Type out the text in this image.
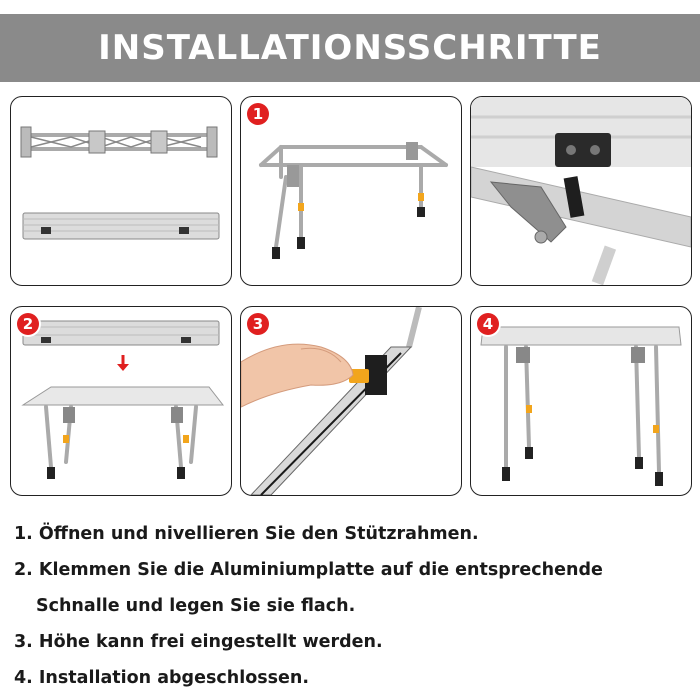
INSTALLATIONSSCHRITTE
1
2	3	4
1. Öffnen und nivellieren Sie den Stützrahmen.
2. Klemmen Sie die Aluminiumplatte auf die entsprechende
Schnalle und legen Sie sie flach.
3. Höhe kann frei eingestellt werden.
4. Installation abgeschlossen.
